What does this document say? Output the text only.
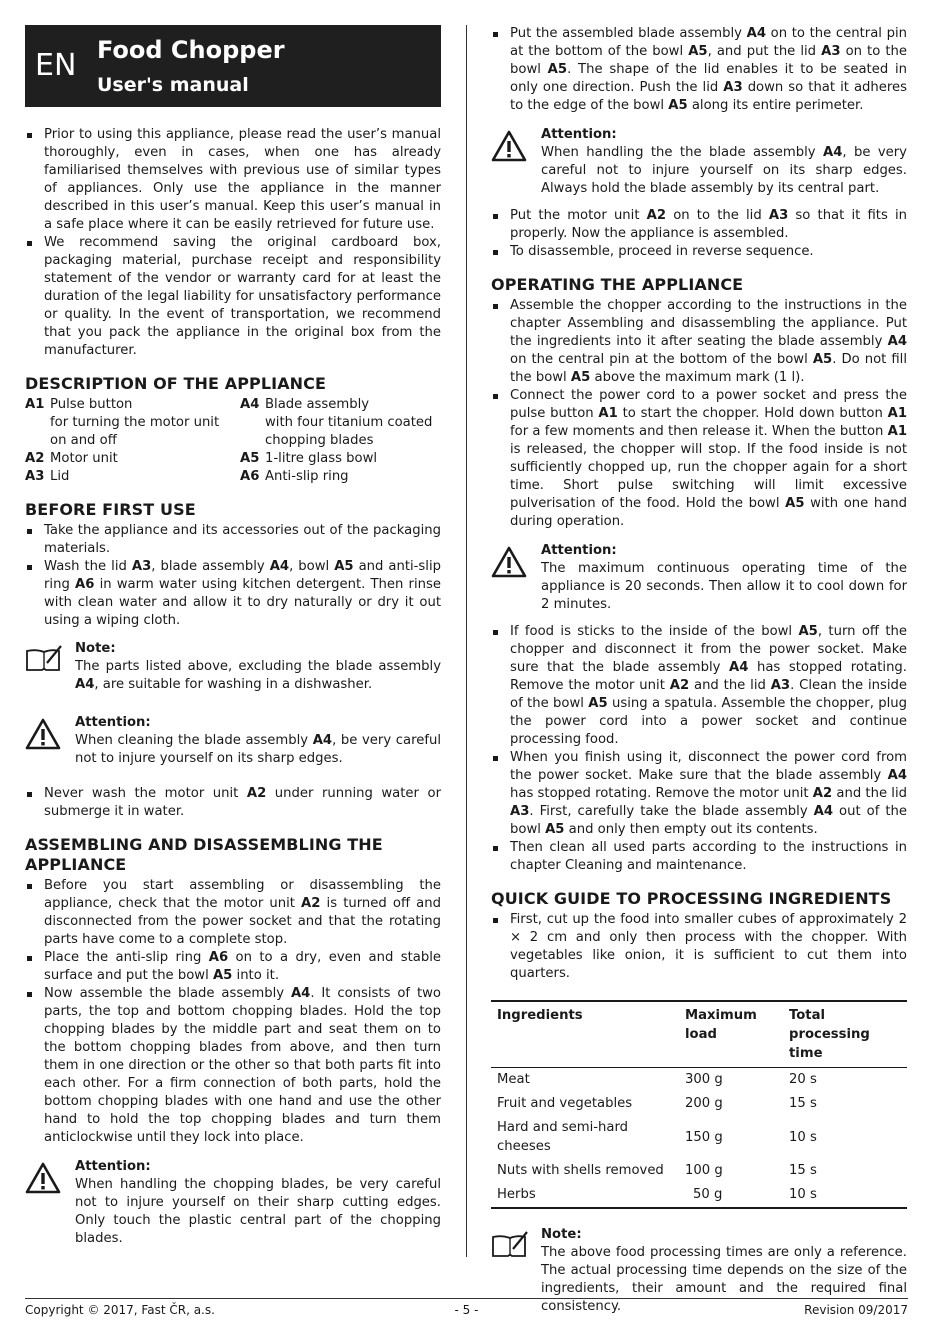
EN Food Chopper
User's manual
Prior to using this appliance, please read the user’s manual thoroughly, even in cases, when one has already familiarised themselves with previous use of similar types of appliances. Only use the appliance in the manner described in this user’s manual. Keep this user’s manual in a safe place where it can be easily retrieved for future use.
We recommend saving the original cardboard box, packaging material, purchase receipt and responsibility statement of the vendor or warranty card for at least the duration of the legal liability for unsatisfactory performance or quality. In the event of transportation, we recommend that you pack the appliance in the original box from the manufacturer.
DESCRIPTION OF THE APPLIANCE
A1 Pulse button
for turning the motor unit
on and off
A2 Motor unit
A3 Lid
A4 Blade assembly
with four titanium coated
chopping blades
A5 1-litre glass bowl
A6 Anti-slip ring
BEFORE FIRST USE
Take the appliance and its accessories out of the packaging materials.
Wash the lid A3, blade assembly A4, bowl A5 and anti-slip ring A6 in warm water using kitchen detergent. Then rinse with clean water and allow it to dry naturally or dry it out using a wiping cloth.
Note:
The parts listed above, excluding the blade assembly A4, are suitable for washing in a dishwasher.
Attention:
When cleaning the blade assembly A4, be very careful not to injure yourself on its sharp edges.
Never wash the motor unit A2 under running water or submerge it in water.
ASSEMBLING AND DISASSEMBLING THE APPLIANCE
Before you start assembling or disassembling the appliance, check that the motor unit A2 is turned off and disconnected from the power socket and that the rotating parts have come to a complete stop.
Place the anti-slip ring A6 on to a dry, even and stable surface and put the bowl A5 into it.
Now assemble the blade assembly A4. It consists of two parts, the top and bottom chopping blades. Hold the top chopping blades by the middle part and seat them on to the bottom chopping blades from above, and then turn them in one direction or the other so that both parts fit into each other. For a firm connection of both parts, hold the bottom chopping blades with one hand and use the other hand to hold the top chopping blades and turn them anticlockwise until they lock into place.
Attention:
When handling the chopping blades, be very careful not to injure yourself on their sharp cutting edges. Only touch the plastic central part of the chopping blades.
Put the assembled blade assembly A4 on to the central pin at the bottom of the bowl A5, and put the lid A3 on to the bowl A5. The shape of the lid enables it to be seated in only one direction. Push the lid A3 down so that it adheres to the edge of the bowl A5 along its entire perimeter.
Attention:
When handling the the blade assembly A4, be very careful not to injure yourself on its sharp edges. Always hold the blade assembly by its central part.
Put the motor unit A2 on to the lid A3 so that it fits in properly. Now the appliance is assembled.
To disassemble, proceed in reverse sequence.
OPERATING THE APPLIANCE
Assemble the chopper according to the instructions in the chapter Assembling and disassembling the appliance. Put the ingredients into it after seating the blade assembly A4 on the central pin at the bottom of the bowl A5. Do not fill the bowl A5 above the maximum mark (1 l).
Connect the power cord to a power socket and press the pulse button A1 to start the chopper. Hold down button A1 for a few moments and then release it. When the button A1 is released, the chopper will stop. If the food inside is not sufficiently chopped up, run the chopper again for a short time. Short pulse switching will limit excessive pulverisation of the food. Hold the bowl A5 with one hand during operation.
Attention:
The maximum continuous operating time of the appliance is 20 seconds. Then allow it to cool down for 2 minutes.
If food is sticks to the inside of the bowl A5, turn off the chopper and disconnect it from the power socket. Make sure that the blade assembly A4 has stopped rotating. Remove the motor unit A2 and the lid A3. Clean the inside of the bowl A5 using a spatula. Assemble the chopper, plug the power cord into a power socket and continue processing food.
When you finish using it, disconnect the power cord from the power socket. Make sure that the blade assembly A4 has stopped rotating. Remove the motor unit A2 and the lid A3. First, carefully take the blade assembly A4 out of the bowl A5 and only then empty out its contents.
Then clean all used parts according to the instructions in chapter Cleaning and maintenance.
QUICK GUIDE TO PROCESSING INGREDIENTS
First, cut up the food into smaller cubes of approximately 2 × 2 cm and only then process with the chopper. With vegetables like onion, it is sufficient to cut them into quarters.
Ingredients	Maximum load	Total processing time
Meat	300 g	20 s
Fruit and vegetables	200 g	15 s
Hard and semi-hard cheeses	150 g	10 s
Nuts with shells removed	100 g	15 s
Herbs	50 g	10 s
Note:
The above food processing times are only a reference. The actual processing time depends on the size of the ingredients, their amount and the required final consistency.
Copyright © 2017, Fast ČR, a.s.	- 5 -	Revision 09/2017
